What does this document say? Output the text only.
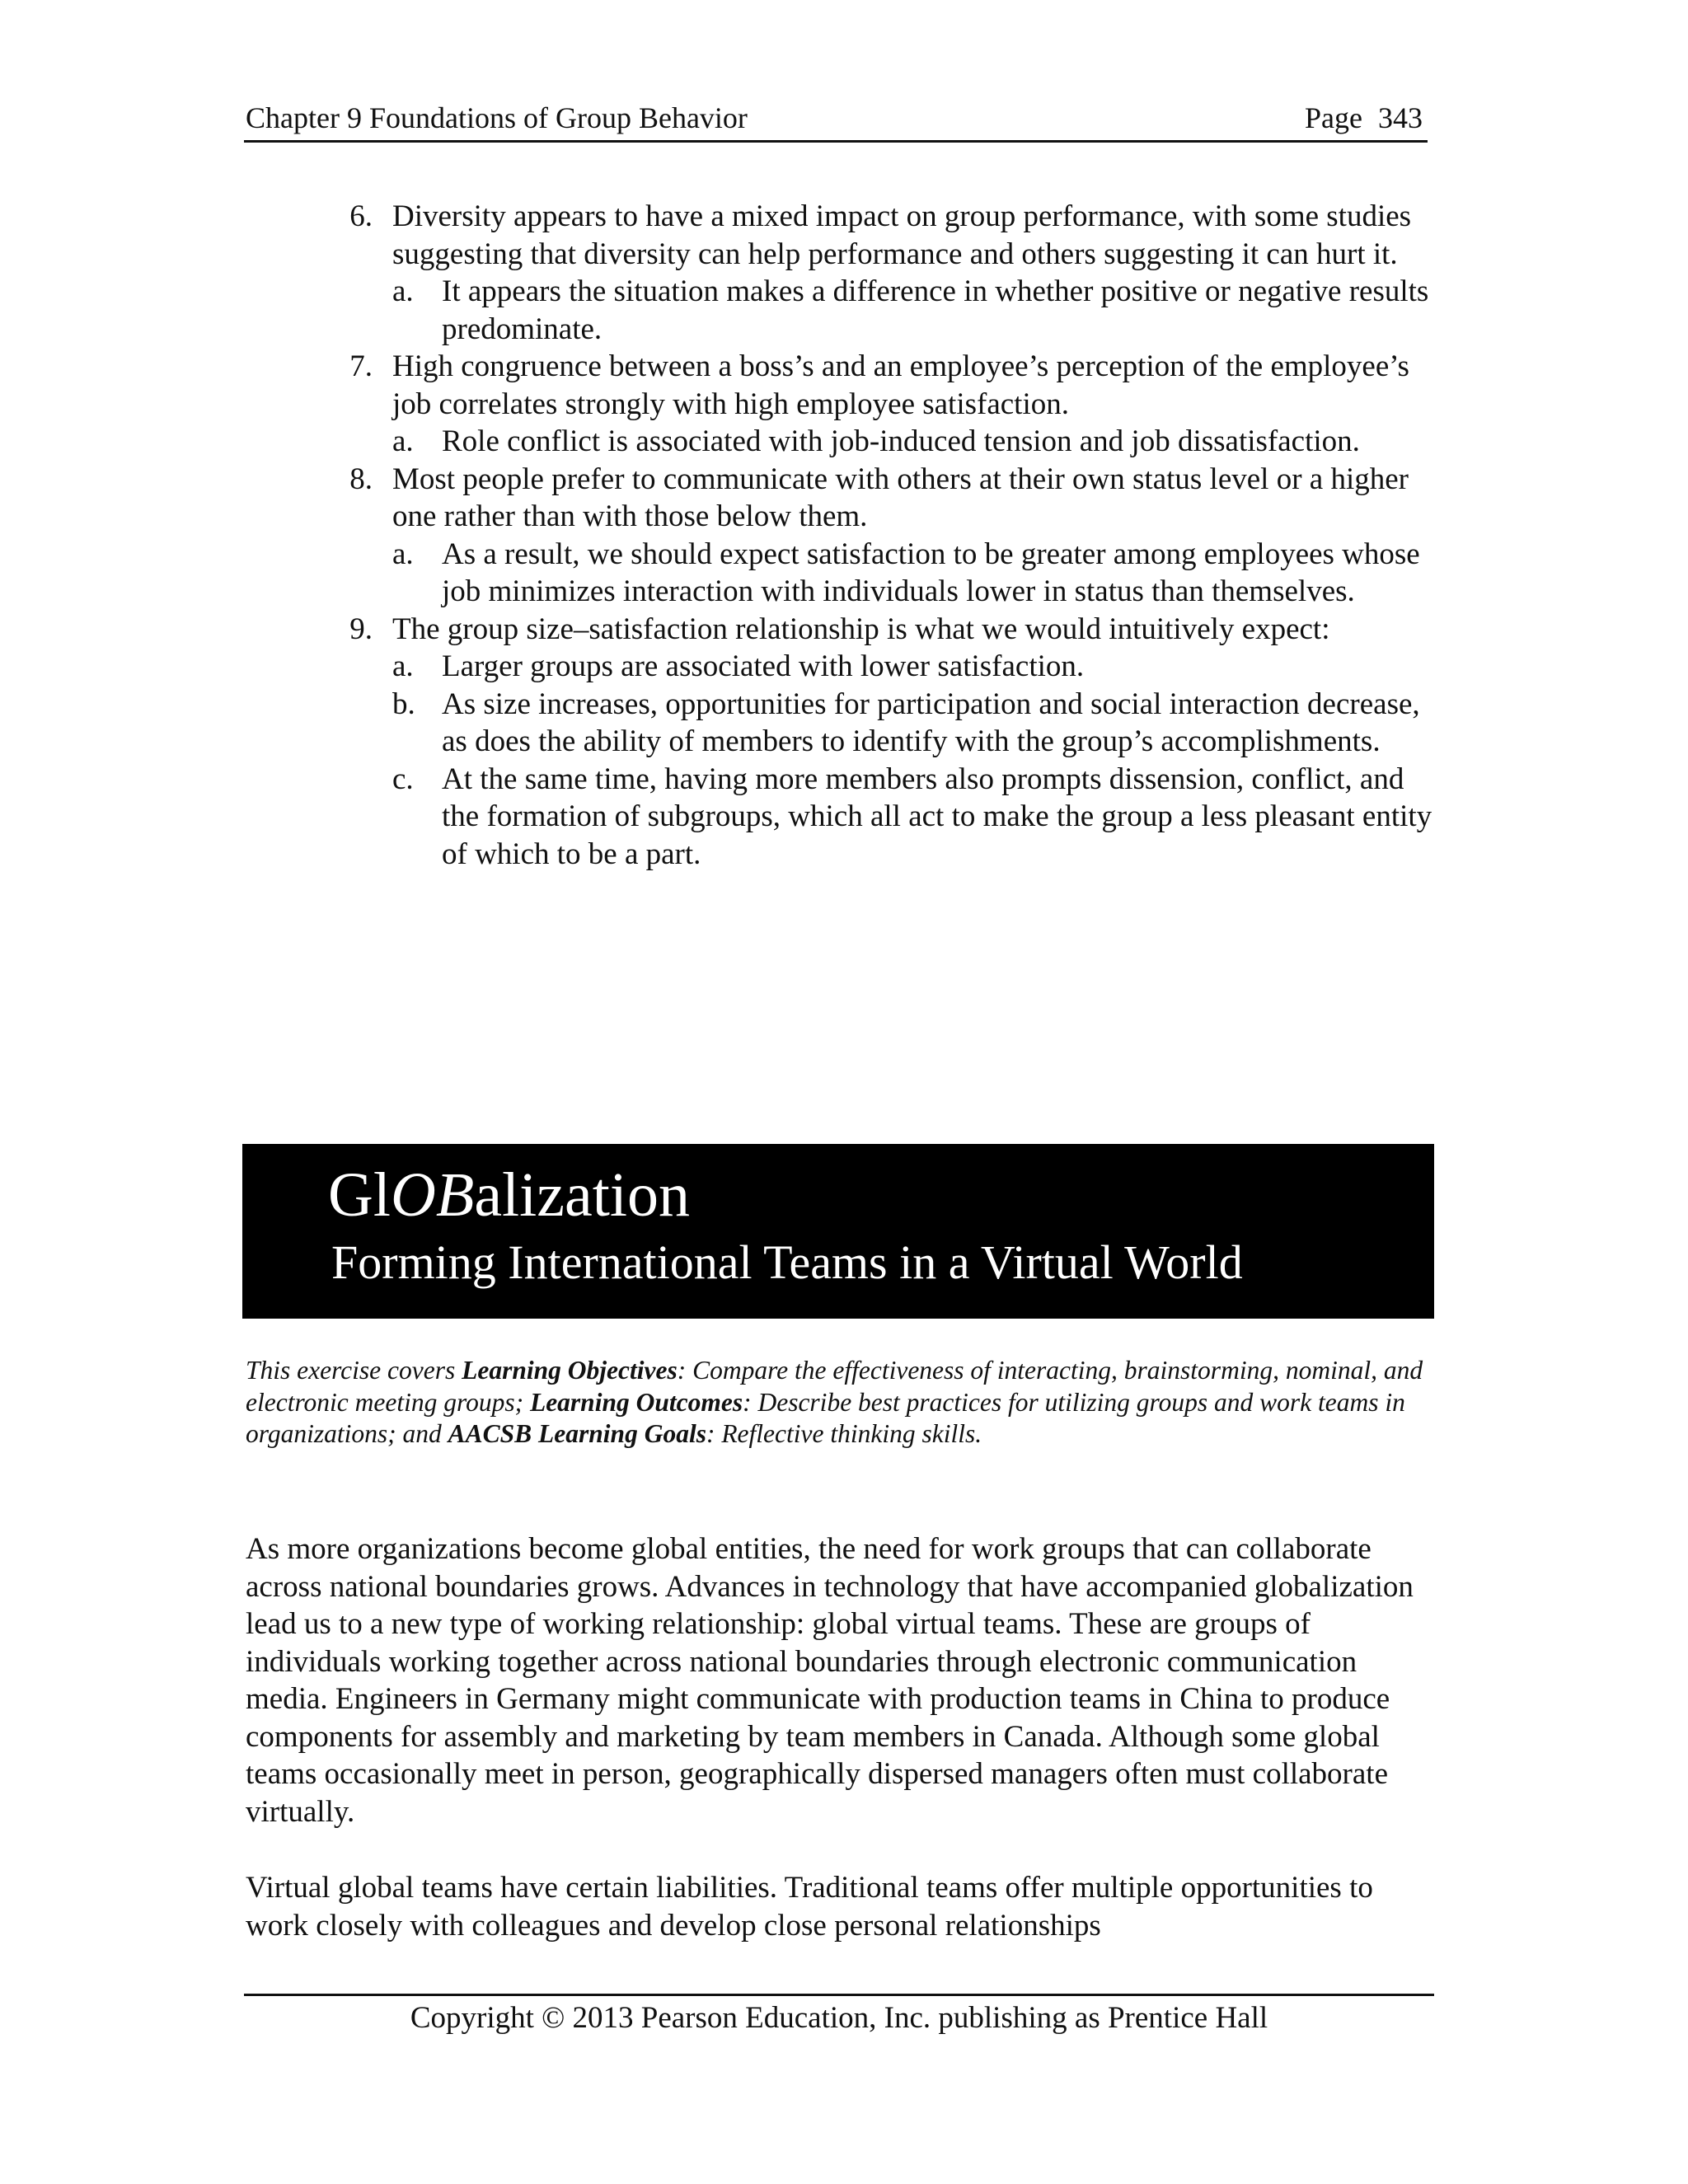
Chapter 9 Foundations of Group Behavior	Page 343
6. Diversity appears to have a mixed impact on group performance, with some studies suggesting that diversity can help performance and others suggesting it can hurt it.
a. It appears the situation makes a difference in whether positive or negative results predominate.
7. High congruence between a boss’s and an employee’s perception of the employee’s job correlates strongly with high employee satisfaction.
a. Role conflict is associated with job-induced tension and job dissatisfaction.
8. Most people prefer to communicate with others at their own status level or a higher one rather than with those below them.
a. As a result, we should expect satisfaction to be greater among employees whose job minimizes interaction with individuals lower in status than themselves.
9. The group size–satisfaction relationship is what we would intuitively expect:
a. Larger groups are associated with lower satisfaction.
b. As size increases, opportunities for participation and social interaction decrease, as does the ability of members to identify with the group’s accomplishments.
c. At the same time, having more members also prompts dissension, conflict, and the formation of subgroups, which all act to make the group a less pleasant entity of which to be a part.
GlOBalization
Forming International Teams in a Virtual World
This exercise covers Learning Objectives: Compare the effectiveness of interacting, brainstorming, nominal, and electronic meeting groups; Learning Outcomes: Describe best practices for utilizing groups and work teams in organizations; and AACSB Learning Goals: Reflective thinking skills.
As more organizations become global entities, the need for work groups that can collaborate across national boundaries grows. Advances in technology that have accompanied globalization lead us to a new type of working relationship: global virtual teams. These are groups of individuals working together across national boundaries through electronic communication media. Engineers in Germany might communicate with production teams in China to produce components for assembly and marketing by team members in Canada. Although some global teams occasionally meet in person, geographically dispersed managers often must collaborate virtually.
Virtual global teams have certain liabilities. Traditional teams offer multiple opportunities to work closely with colleagues and develop close personal relationships
Copyright © 2013 Pearson Education, Inc. publishing as Prentice Hall
